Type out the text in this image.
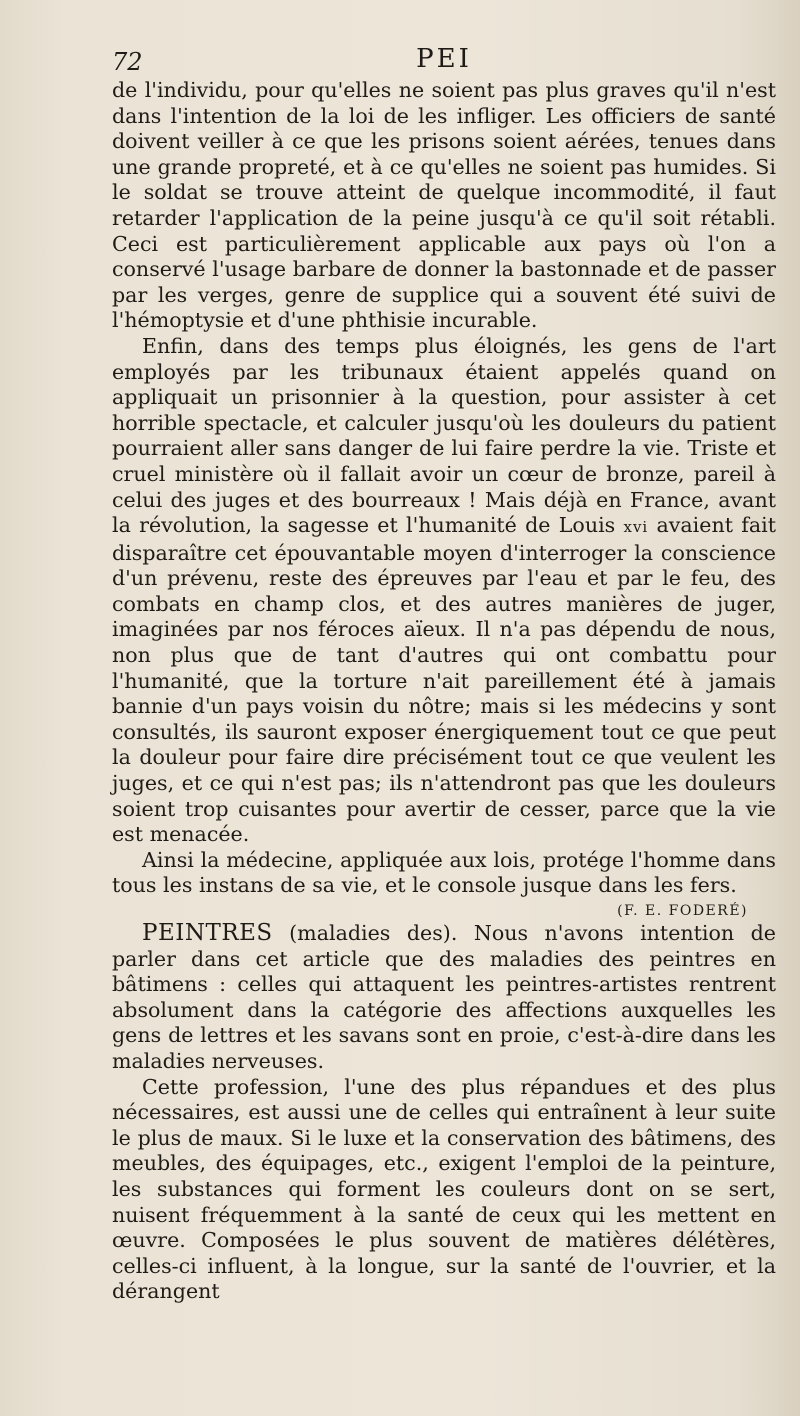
72	PEI

de l'individu, pour qu'elles ne soient pas plus graves qu'il n'est dans l'intention de la loi de les infliger. Les officiers de santé doivent veiller à ce que les prisons soient aérées, tenues dans une grande propreté, et à ce qu'elles ne soient pas humides. Si le soldat se trouve atteint de quelque incommodité, il faut retarder l'application de la peine jusqu'à ce qu'il soit rétabli. Ceci est particulièrement applicable aux pays où l'on a conservé l'usage barbare de donner la bastonnade et de passer par les verges, genre de supplice qui a souvent été suivi de l'hémoptysie et d'une phthisie incurable.

Enfin, dans des temps plus éloignés, les gens de l'art employés par les tribunaux étaient appelés quand on appliquait un prisonnier à la question, pour assister à cet horrible spectacle, et calculer jusqu'où les douleurs du patient pourraient aller sans danger de lui faire perdre la vie. Triste et cruel ministère où il fallait avoir un cœur de bronze, pareil à celui des juges et des bourreaux ! Mais déjà en France, avant la révolution, la sagesse et l'humanité de Louis xvi avaient fait disparaître cet épouvantable moyen d'interroger la conscience d'un prévenu, reste des épreuves par l'eau et par le feu, des combats en champ clos, et des autres manières de juger, imaginées par nos féroces aïeux. Il n'a pas dépendu de nous, non plus que de tant d'autres qui ont combattu pour l'humanité, que la torture n'ait pareillement été à jamais bannie d'un pays voisin du nôtre; mais si les médecins y sont consultés, ils sauront exposer énergiquement tout ce que peut la douleur pour faire dire précisément tout ce que veulent les juges, et ce qui n'est pas; ils n'attendront pas que les douleurs soient trop cuisantes pour avertir de cesser, parce que la vie est menacée.

Ainsi la médecine, appliquée aux lois, protége l'homme dans tous les instans de sa vie, et le console jusque dans les fers.

(F. E. FODERÉ)

PEINTRES (maladies des). Nous n'avons intention de parler dans cet article que des maladies des peintres en bâtimens : celles qui attaquent les peintres-artistes rentrent absolument dans la catégorie des affections auxquelles les gens de lettres et les savans sont en proie, c'est-à-dire dans les maladies nerveuses.

Cette profession, l'une des plus répandues et des plus nécessaires, est aussi une de celles qui entraînent à leur suite le plus de maux. Si le luxe et la conservation des bâtimens, des meubles, des équipages, etc., exigent l'emploi de la peinture, les substances qui forment les couleurs dont on se sert, nuisent fréquemment à la santé de ceux qui les mettent en œuvre. Composées le plus souvent de matières délétères, celles-ci influent, à la longue, sur la santé de l'ouvrier, et la dérangent
